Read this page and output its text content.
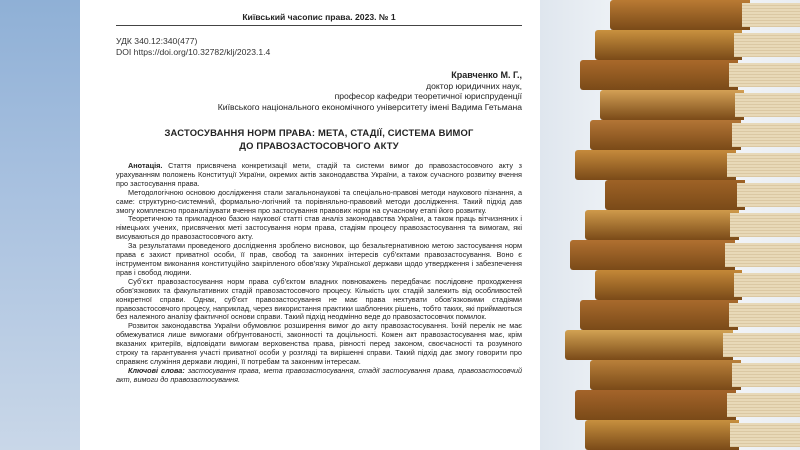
Київський часопис права. 2023. № 1
УДК 340.12:340(477)
DOI https://doi.org/10.32782/klj/2023.1.4
Кравченко М. Г.,
доктор юридичних наук,
професор кафедри теоретичної юриспруденції
Київського національного економічного університету імені Вадима Гетьмана
ЗАСТОСУВАННЯ НОРМ ПРАВА: МЕТА, СТАДІЇ, СИСТЕМА ВИМОГ
ДО ПРАВОЗАСТОСОВЧОГО АКТУ

Анотація. Стаття присвячена конкретизації мети, стадій та системи вимог до правозастосовчого акту з урахуванням положень Конституції України, окремих актів законодавства України, а також сучасного розвитку вчення про застосування права.

Методологічною основою дослідження стали загальнонаукові та спеціально-правові методи наукового пізнання, а саме: структурно-системний, формально-логічний та порівняльно-правовий методи дослідження. Такий підхід дав змогу комплексно проаналізувати вчення про застосування правових норм на сучасному етапі його розвитку.

Теоретичною та прикладною базою наукової статті став аналіз законодавства України, а також праць вітчизняних і німецьких учених, присвячених меті застосування норм права, стадіям процесу правозастосування та вимогам, які висуваються до правозастосовчого акту.

За результатами проведеного дослідження зроблено висновок, що безальтернативною метою застосування норм права є захист приватної особи, її прав, свобод та законних інтересів суб’єктами правозастосування. Воно є інструментом виконання конституційно закріпленого обов’язку Української держави щодо утвердження і забезпечення прав і свобод людини.

Суб’єкт правозастосування норм права суб’єктом владних повноважень передбачає послідовне проходження обов’язкових та факультативних стадій правозастосовчого процесу. Кількість цих стадій залежить від особливостей конкретної справи. Однак, суб’єкт правозастосування не має права нехтувати обов’язковими стадіями правозастосовчого процесу, наприклад, через використання практики шаблонних рішень, тобто таких, які приймаються без належного аналізу фактичної основи справи. Такий підхід неодмінно веде до правозастосовчих помилок.

Розвиток законодавства України обумовлює розширення вимог до акту правозастосування. Їхній перелік не має обмежуватися лише вимогами обґрунтованості, законності та доцільності. Кожен акт правозастосування має, крім вказаних критеріїв, відповідати вимогам верховенства права, рівності перед законом, своєчасності та розумного строку та гарантування участі приватної особи у розгляді та вирішенні справи. Такий підхід дає змогу говорити про справжнє служіння держави людині, її потребам та законним інтересам.

Ключові слова: застосування права, мета правозастосування, стадії застосування права, правозастосовчий акт, вимоги до правозастосування.
